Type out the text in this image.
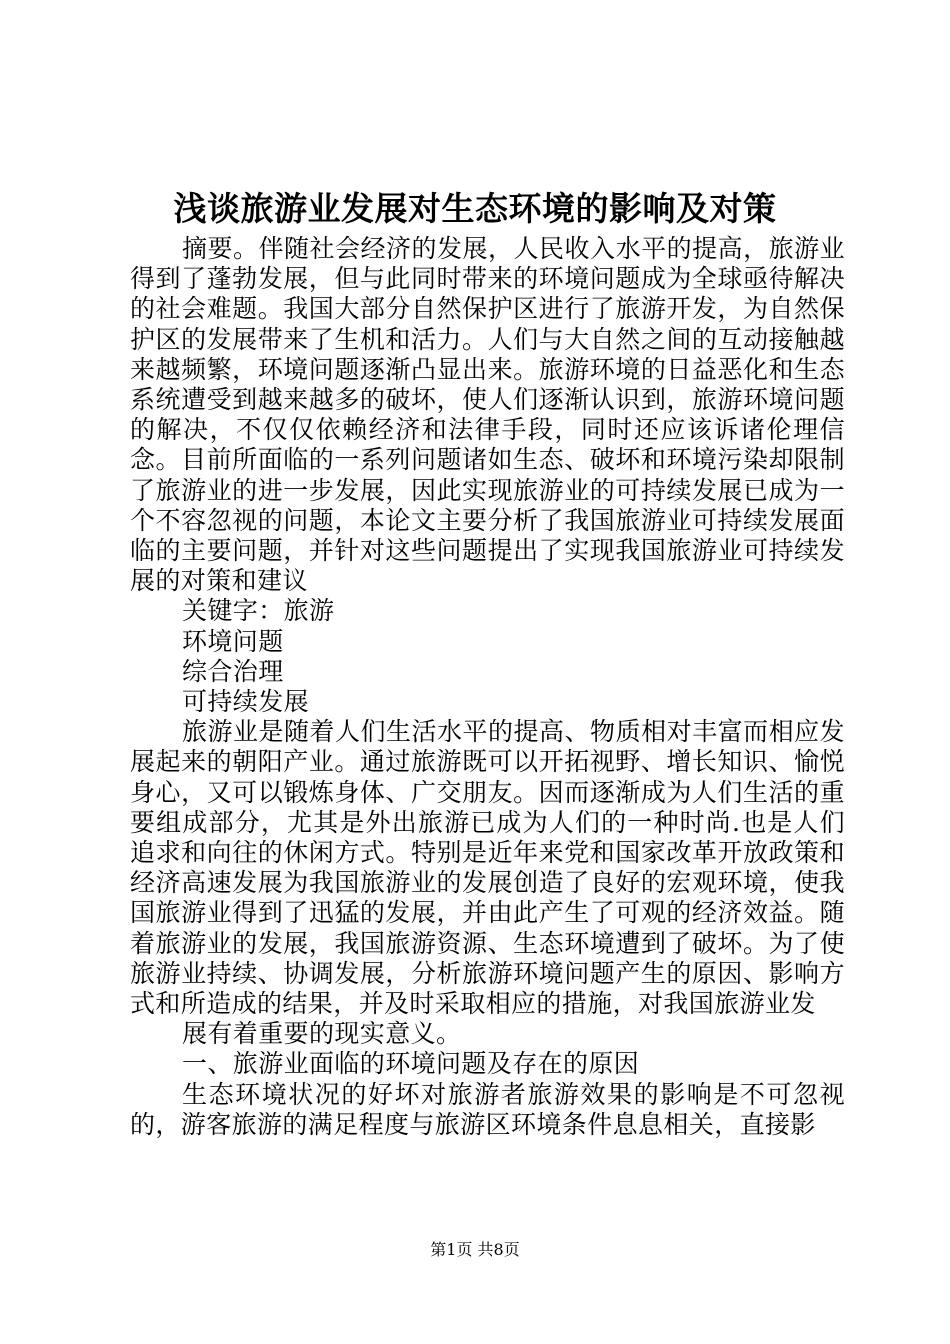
浅谈旅游业发展对生态环境的影响及对策

摘要。伴随社会经济的发展，人民收入水平的提高，旅游业得到了蓬勃发展，但与此同时带来的环境问题成为全球亟待解决的社会难题。我国大部分自然保护区进行了旅游开发，为自然保护区的发展带来了生机和活力。人们与大自然之间的互动接触越来越频繁，环境问题逐渐凸显出来。旅游环境的日益恶化和生态系统遭受到越来越多的破坏，使人们逐渐认识到，旅游环境问题的解决，不仅仅依赖经济和法律手段，同时还应该诉诸伦理信念。目前所面临的一系列问题诸如生态、破坏和环境污染却限制了旅游业的进一步发展，因此实现旅游业的可持续发展已成为一个不容忽视的问题，本论文主要分析了我国旅游业可持续发展面临的主要问题，并针对这些问题提出了实现我国旅游业可持续发展的对策和建议

关键字：旅游

环境问题

综合治理

可持续发展

旅游业是随着人们生活水平的提高、物质相对丰富而相应发展起来的朝阳产业。通过旅游既可以开拓视野、增长知识、愉悦身心，又可以锻炼身体、广交朋友。因而逐渐成为人们生活的重要组成部分，尤其是外出旅游已成为人们的一种时尚.也是人们追求和向往的休闲方式。特别是近年来党和国家改革开放政策和经济高速发展为我国旅游业的发展创造了良好的宏观环境，使我国旅游业得到了迅猛的发展，并由此产生了可观的经济效益。随着旅游业的发展，我国旅游资源、生态环境遭到了破坏。为了使旅游业持续、协调发展，分析旅游环境问题产生的原因、影响方式和所造成的结果，并及时采取相应的措施，对我国旅游业发

展有着重要的现实意义。

一、旅游业面临的环境问题及存在的原因

生态环境状况的好坏对旅游者旅游效果的影响是不可忽视的，游客旅游的满足程度与旅游区环境条件息息相关，直接影

第1页 共8页
